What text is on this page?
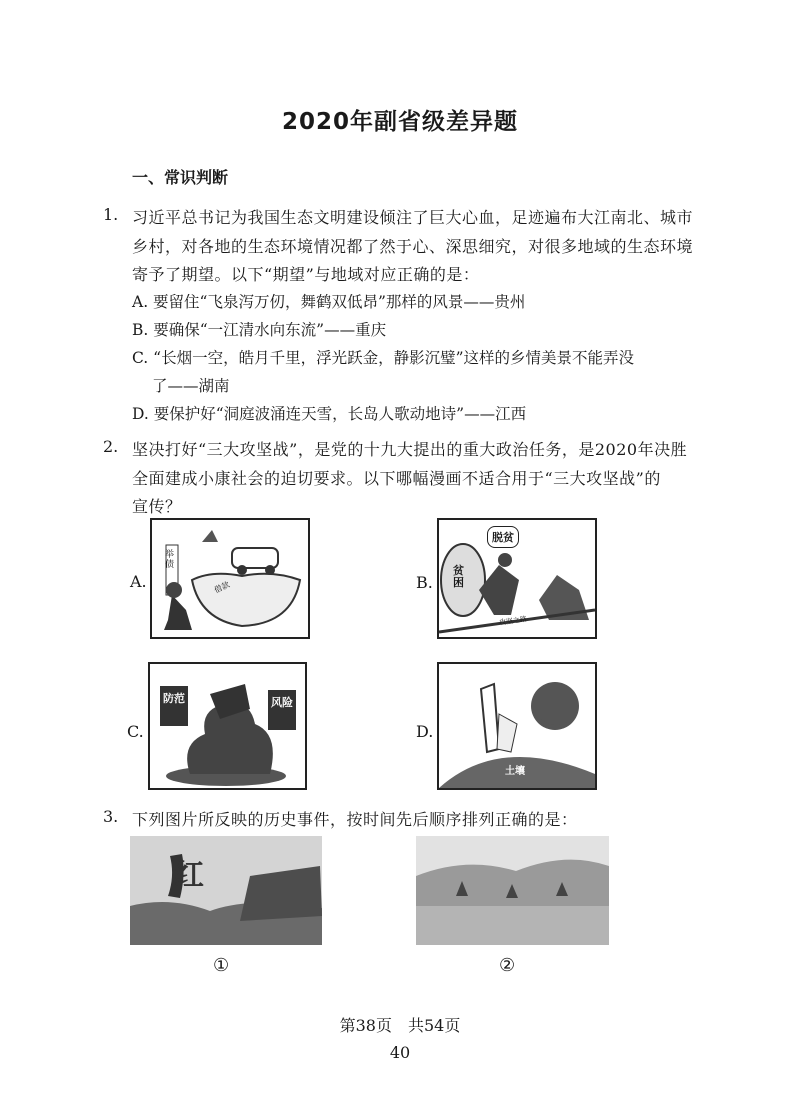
2020年副省级差异题
一、常识判断
1. 习近平总书记为我国生态文明建设倾注了巨大心血，足迹遍布大江南北、城市
乡村，对各地的生态环境情况都了然于心、深思细究，对很多地域的生态环境
寄予了期望。以下“期望”与地域对应正确的是：
A. 要留住“飞泉泻万仞，舞鹤双低昂”那样的风景——贵州
B. 要确保“一江清水向东流”——重庆
C. “长烟一空，皓月千里，浮光跃金，静影沉璧”这样的乡情美景不能弄没
了——湖南
D. 要保护好“洞庭波涌连天雪，长岛人歌动地诗”——江西
2. 坚决打好“三大攻坚战”，是党的十九大提出的重大政治任务，是2020年决胜
全面建成小康社会的迫切要求。以下哪幅漫画不适合用于“三大攻坚战”的
宣传？
A.
举债
借款	B.
脱贫
贫困
攻坚之路
C.
防范	风险
D.
土壤
3. 下列图片所反映的历史事件，按时间先后顺序排列正确的是：
红
①	②
第38页　共54页
40
